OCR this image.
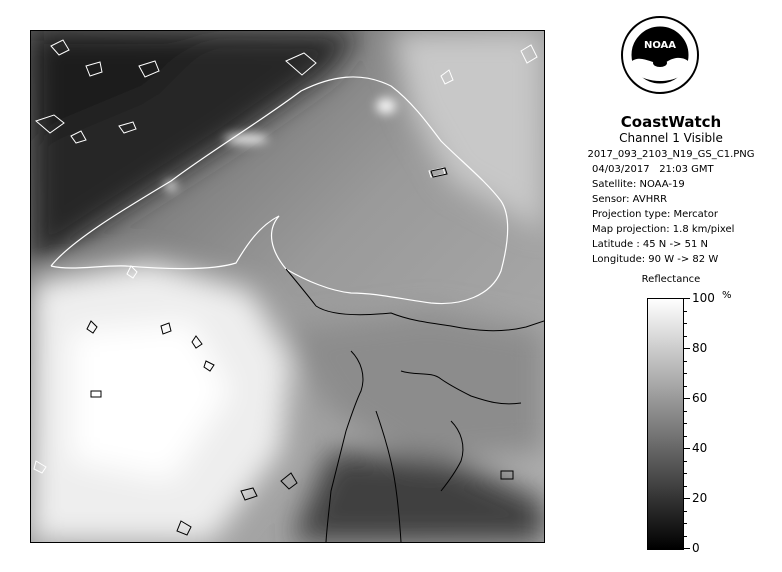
NOAA
CoastWatch
Channel 1 Visible
2017_093_2103_N19_GS_C1.PNG
04/03/2017 21:03 GMT
Satellite: NOAA-19
Sensor: AVHRR
Projection type: Mercator
Map projection: 1.8 km/pixel
Latitude : 45 N -> 51 N
Longitude: 90 W -> 82 W
Reflectance
%
100
80
60
40
20
0
